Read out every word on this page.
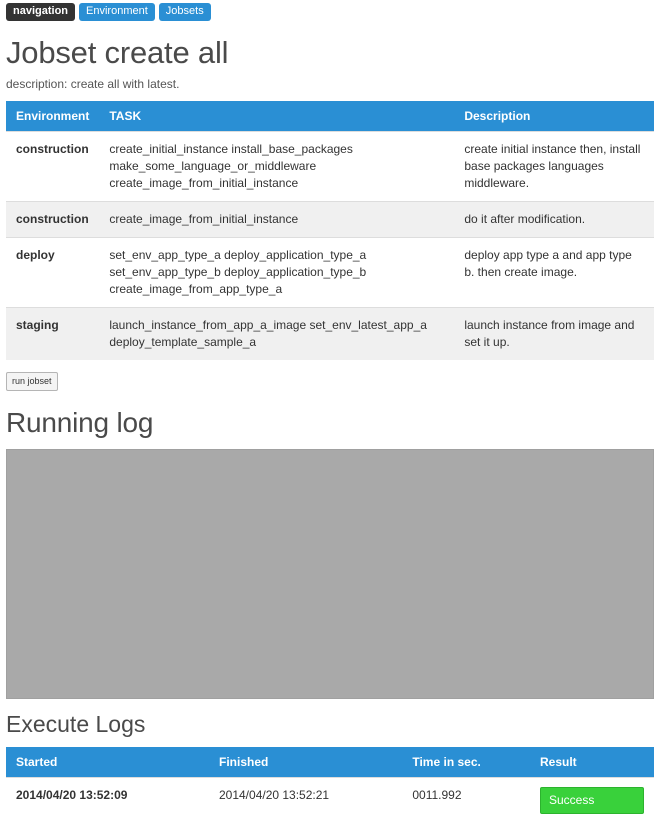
navigation	Environment	Jobsets
Jobset create all
description: create all with latest.
Environment	TASK	Description
construction	create_initial_instance install_base_packages make_some_language_or_middleware create_image_from_initial_instance	create initial instance then, install base packages languages middleware.
construction	create_image_from_initial_instance	do it after modification.
deploy	set_env_app_type_a deploy_application_type_a set_env_app_type_b deploy_application_type_b create_image_from_app_type_a	deploy app type a and app type b. then create image.
staging	launch_instance_from_app_a_image set_env_latest_app_a deploy_template_sample_a	launch instance from image and set it up.
run jobset
Running log
Execute Logs
Started	Finished	Time in sec.	Result
2014/04/20 13:52:09	2014/04/20 13:52:21	0011.992	Success
